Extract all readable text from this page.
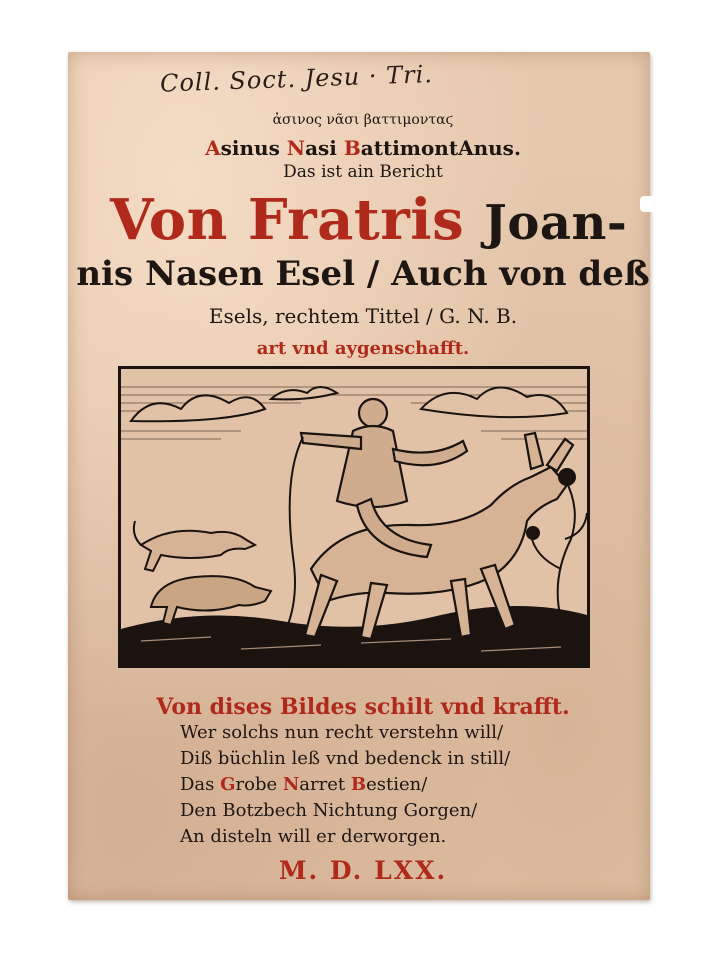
Coll. Soct. Jesu · Tri.
ἀσινος νᾶσι βαττιμονταϛ
Asinus Nasi BattimontAnus.
Das ist ain Bericht
Von Fratris Joan-
nis Nasen Esel / Auch von deß
Esels, rechtem Tittel / G. N. B.
art vnd aygenschafft.
Von dises Bildes schilt vnd krafft.
Wer solchs nun recht verstehn will/
Diß büchlin leß vnd bedenck in still/
Das Grobe Narret Bestien/
Den Botzbech Nichtung Gorgen/
An disteln will er derworgen.
M. D. LXX.
